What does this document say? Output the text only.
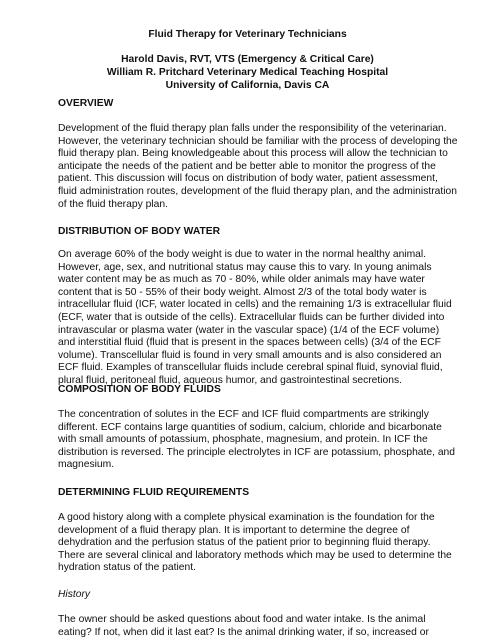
Fluid Therapy for Veterinary Technicians
Harold Davis, RVT, VTS (Emergency & Critical Care)
William R. Pritchard Veterinary Medical Teaching Hospital
University of California, Davis CA
OVERVIEW
Development of the fluid therapy plan falls under the responsibility of the veterinarian.
However, the veterinary technician should be familiar with the process of developing the
fluid therapy plan. Being knowledgeable about this process will allow the technician to
anticipate the needs of the patient and be better able to monitor the progress of the
patient. This discussion will focus on distribution of body water, patient assessment,
fluid administration routes, development of the fluid therapy plan, and the administration
of the fluid therapy plan.
DISTRIBUTION OF BODY WATER
On average 60% of the body weight is due to water in the normal healthy animal.
However, age, sex, and nutritional status may cause this to vary. In young animals
water content may be as much as 70 - 80%, while older animals may have water
content that is 50 - 55% of their body weight. Almost 2/3 of the total body water is
intracellular fluid (ICF, water located in cells) and the remaining 1/3 is extracellular fluid
(ECF, water that is outside of the cells). Extracellular fluids can be further divided into
intravascular or plasma water (water in the vascular space) (1/4 of the ECF volume)
and interstitial fluid (fluid that is present in the spaces between cells) (3/4 of the ECF
volume). Transcellular fluid is found in very small amounts and is also considered an
ECF fluid. Examples of transcellular fluids include cerebral spinal fluid, synovial fluid,
plural fluid, peritoneal fluid, aqueous humor, and gastrointestinal secretions.
COMPOSITION OF BODY FLUIDS
The concentration of solutes in the ECF and ICF fluid compartments are strikingly
different. ECF contains large quantities of sodium, calcium, chloride and bicarbonate
with small amounts of potassium, phosphate, magnesium, and protein. In ICF the
distribution is reversed. The principle electrolytes in ICF are potassium, phosphate, and
magnesium.
DETERMINING FLUID REQUIREMENTS
A good history along with a complete physical examination is the foundation for the
development of a fluid therapy plan. It is important to determine the degree of
dehydration and the perfusion status of the patient prior to beginning fluid therapy.
There are several clinical and laboratory methods which may be used to determine the
hydration status of the patient.
History
The owner should be asked questions about food and water intake. Is the animal
eating? If not, when did it last eat? Is the animal drinking water, if so, increased or
